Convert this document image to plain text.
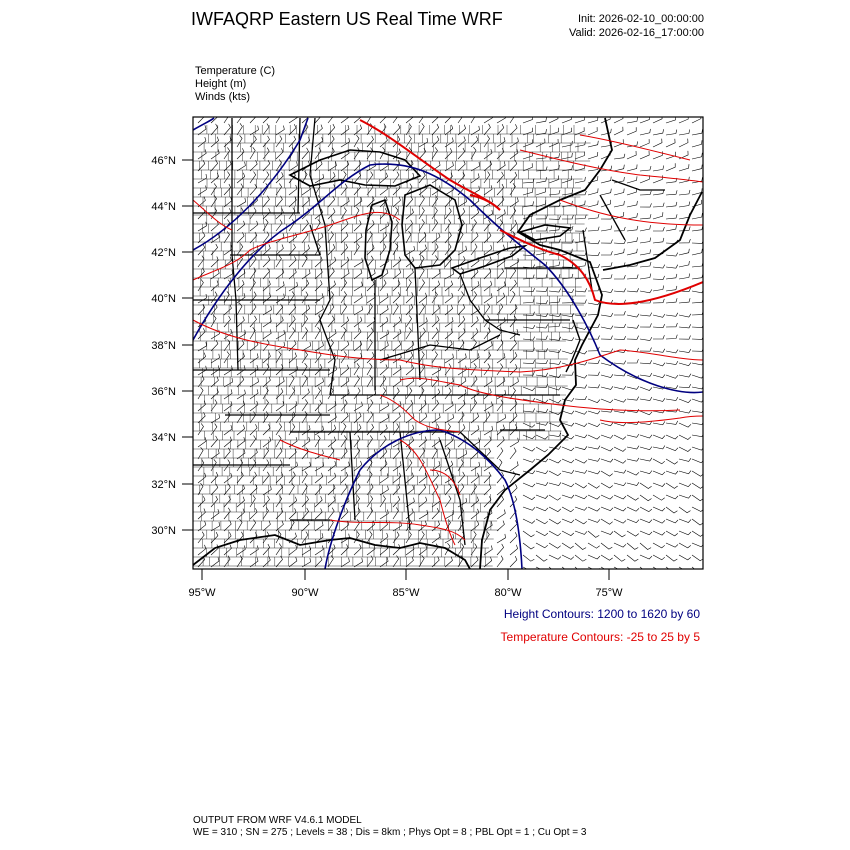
IWFAQRP Eastern US Real Time WRF	Init: 2026-02-10_00:00:00
Valid: 2026-02-16_17:00:00
Temperature (C)
Height (m)
Winds (kts)
46°N
44°N
42°N
40°N
38°N
36°N
34°N
32°N
30°N
95°W	90°W	85°W	80°W	75°W
Height Contours: 1200 to 1620 by 60
Temperature Contours: -25 to 25 by 5
OUTPUT FROM WRF V4.6.1 MODEL
WE = 310 ; SN = 275 ; Levels = 38 ; Dis = 8km ; Phys Opt = 8 ; PBL Opt = 1 ; Cu Opt = 3
